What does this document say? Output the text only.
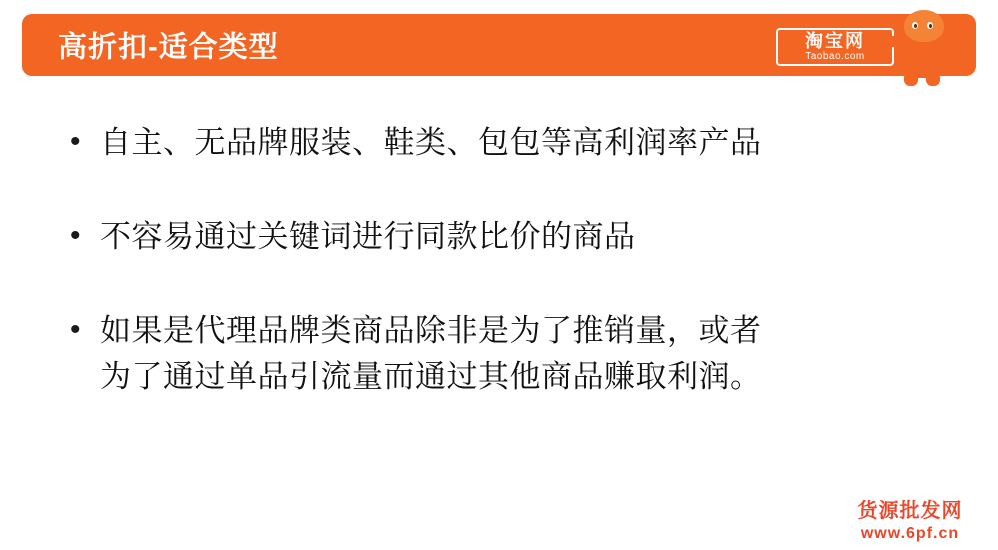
高折扣-适合类型	淘宝网
Taobao.com
• 自主、无品牌服装、鞋类、包包等高利润率产品
• 不容易通过关键词进行同款比价的商品
• 如果是代理品牌类商品除非是为了推销量，或者
为了通过单品引流量而通过其他商品赚取利润。
货源批发网
www.6pf.cn
